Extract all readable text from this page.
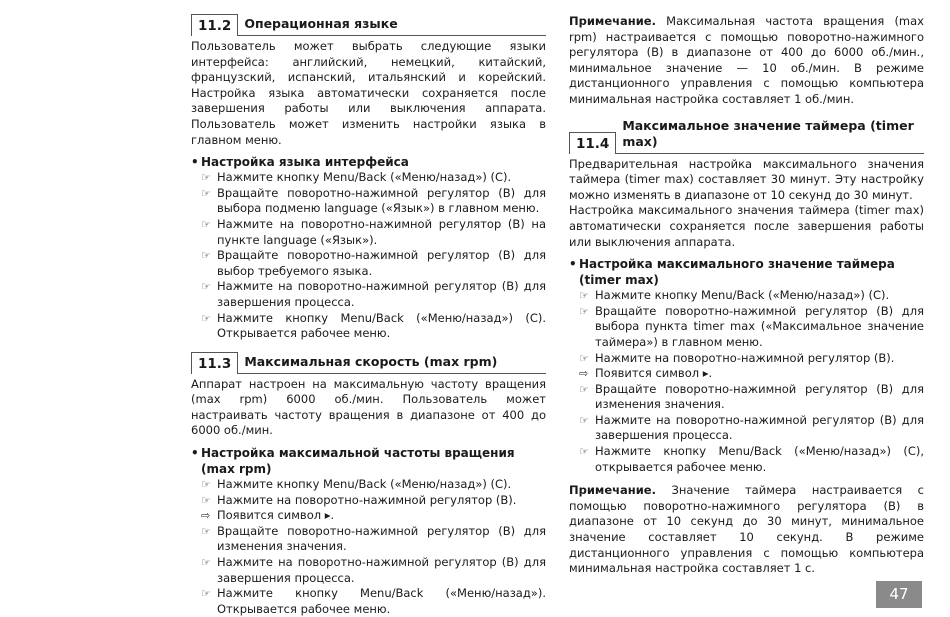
11.2	Операционная языке
Пользователь может выбрать следующие языки интерфейса: английский, немецкий, китайский, французский, испанский, итальянский и корейский. Настройка языка автоматически сохраняется после завершения работы или выключения аппарата. Пользователь может изменить настройки языка в главном меню.
• Настройка языка интерфейса
☞ Нажмите кнопку Menu/Back («Меню/назад») (C).
☞ Вращайте поворотно-нажимной регулятор (B) для выбора подменю language («Язык») в главном меню.
☞ Нажмите на поворотно-нажимной регулятор (B) на пункте language («Язык»).
☞ Вращайте поворотно-нажимной регулятор (B) для выбор требуемого языка.
☞ Нажмите на поворотно-нажимной регулятор (B) для завершения процесса.
☞ Нажмите кнопку Menu/Back («Меню/назад») (C). Открывается рабочее меню.
11.3	Максимальная скорость (max rpm)
Аппарат настроен на максимальную частоту вращения (max rpm) 6000 об./мин. Пользователь может настраивать частоту вращения в диапазоне от 400 до 6000 об./мин.
• Настройка максимальной частоты вращения (max rpm)
☞ Нажмите кнопку Menu/Back («Меню/назад») (C).
☞ Нажмите на поворотно-нажимной регулятор (B).
⇨ Появится символ ▸.
☞ Вращайте поворотно-нажимной регулятор (B) для изменения значения.
☞ Нажмите на поворотно-нажимной регулятор (B) для завершения процесса.
☞ Нажмите кнопку Menu/Back («Меню/назад»). Открывается рабочее меню.
Примечание. Максимальная частота вращения (max rpm) настраивается с помощью поворотно-нажимного регулятора (B) в диапазоне от 400 до 6000 об./мин., минимальное значение — 10 об./мин. В режиме дистанционного управления с помощью компьютера минимальная настройка составляет 1 об./мин.
11.4
Максимальное значение таймера (timer max)
Предварительная настройка максимального значения таймера (timer max) составляет 30 минут. Эту настройку можно изменять в диапазоне от 10 секунд до 30 минут.
Настройка максимального значения таймера (timer max) автоматически сохраняется после завершения работы или выключения аппарата.
• Настройка максимального значение таймера (timer max)
☞ Нажмите кнопку Menu/Back («Меню/назад») (C).
☞ Вращайте поворотно-нажимной регулятор (B) для выбора пункта timer max («Максимальное значение таймера») в главном меню.
☞ Нажмите на поворотно-нажимной регулятор (B).
⇨ Появится символ ▸.
☞ Вращайте поворотно-нажимной регулятор (B) для изменения значения.
☞ Нажмите на поворотно-нажимной регулятор (B) для завершения процесса.
☞ Нажмите кнопку Menu/Back («Меню/назад») (C), открывается рабочее меню.
Примечание. Значение таймера настраивается с помощью поворотно-нажимного регулятора (B) в диапазоне от 10 секунд до 30 минут, минимальное значение составляет 10 секунд. В режиме дистанционного управления с помощью компьютера минимальная настройка составляет 1 с.
47
